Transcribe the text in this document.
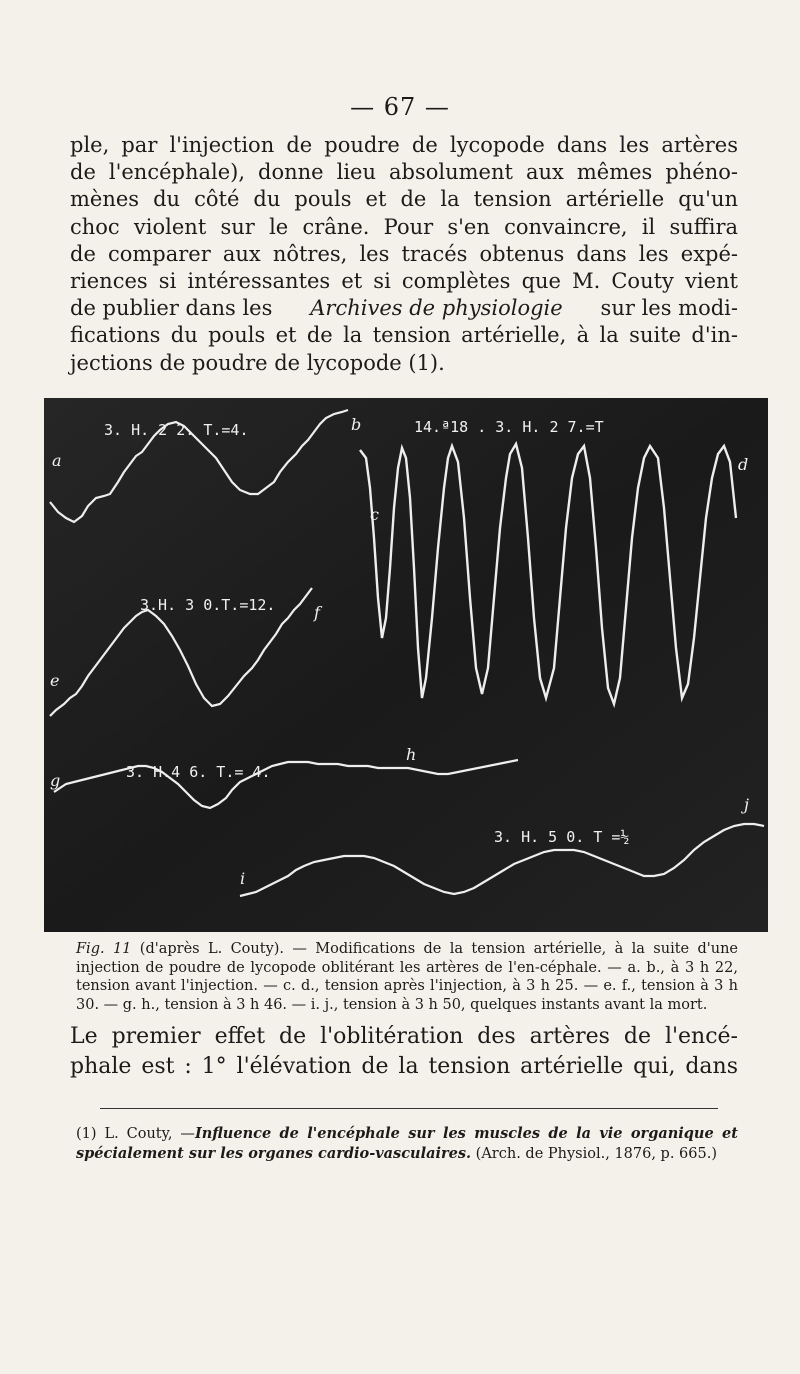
— 67 —

ple, par l'injection de poudre de lycopode dans les artères
de l'encéphale), donne lieu absolument aux mêmes phéno-
mènes du côté du pouls et de la tension artérielle qu'un
choc violent sur le crâne. Pour s'en convaincre, il suffira
de comparer aux nôtres, les tracés obtenus dans les expé-
riences si intéressantes et si complètes que M. Couty vient
de publier dans les Archives de physiologie sur les modi-
fications du pouls et de la tension artérielle, à la suite d'in-
jections de poudre de lycopode (1).

3. H. 2 2. T.=4.	14.ª18 . 3. H. 2 7.=T
3.H. 3 0.T.=12.
3. H.4 6. T.= 4.
3. H. 5 0. T =½
a
b
c
d
e
f
g
h
i
j

Fig. 11 (d'après L. Couty). — Modifications de la tension artérielle, à la suite d'une injection de poudre de lycopode oblitérant les artères de l'en-céphale. — a. b., à 3 h 22, tension avant l'injection. — c. d., tension après l'injection, à 3 h 25. — e. f., tension à 3 h 30. — g. h., tension à 3 h 46. — i. j., tension à 3 h 50, quelques instants avant la mort.

Le premier effet de l'oblitération des artères de l'encé-
phale est : 1° l'élévation de la tension artérielle qui, dans

(1) L. Couty, —Influence de l'encéphale sur les muscles de la vie organique et spécialement sur les organes cardio-vasculaires. (Arch. de Physiol., 1876, p. 665.)
